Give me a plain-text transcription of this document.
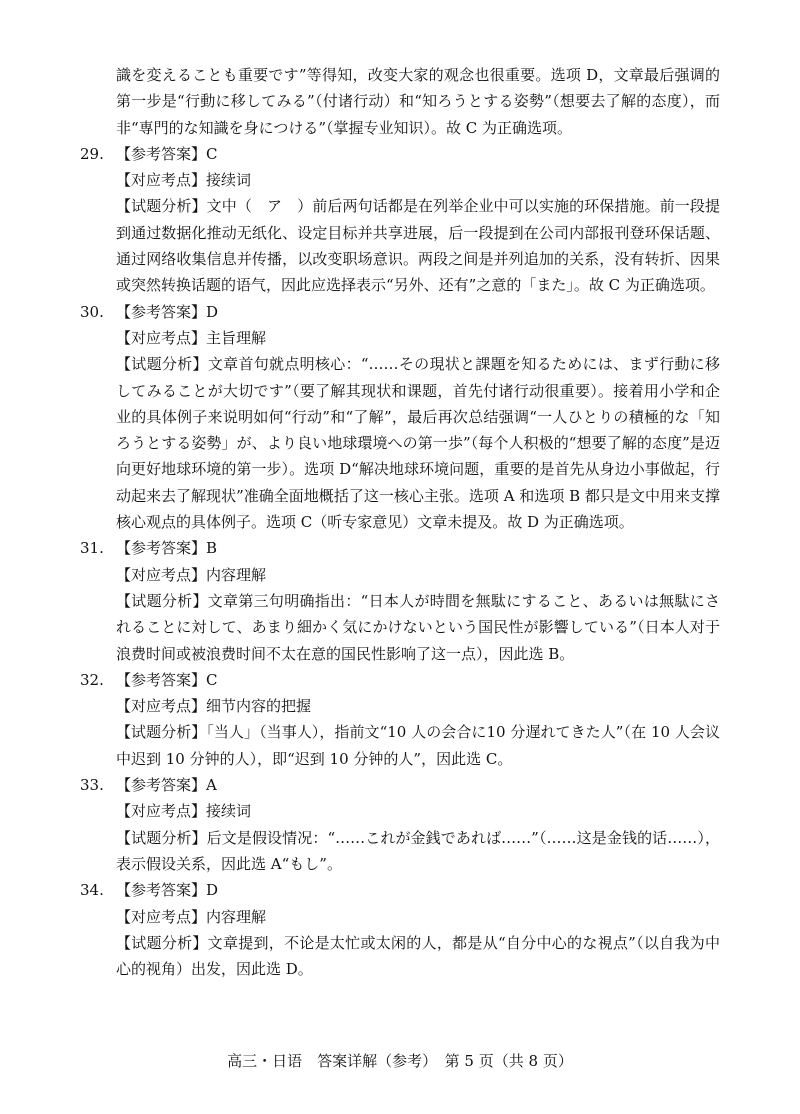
識を変えることも重要です”等得知，改变大家的观念也很重要。选项 D，文章最后强调的第一步是“行動に移してみる”（付诸行动）和“知ろうとする姿勢”（想要去了解的态度），而非“専門的な知識を身につける”（掌握专业知识）。故 C 为正确选项。

29. 【参考答案】C

【对应考点】接续词

【试题分析】文中（　ア　）前后两句话都是在列举企业中可以实施的环保措施。前一段提到通过数据化推动无纸化、设定目标并共享进展，后一段提到在公司内部报刊登环保话题、通过网络收集信息并传播，以改变职场意识。两段之间是并列追加的关系，没有转折、因果或突然转换话题的语气，因此应选择表示“另外、还有”之意的「また」。故 C 为正确选项。

30. 【参考答案】D

【对应考点】主旨理解

【试题分析】文章首句就点明核心：“……その現状と課題を知るためには、まず行動に移してみることが大切です”（要了解其现状和课题，首先付诸行动很重要）。接着用小学和企业的具体例子来说明如何“行动”和“了解”，最后再次总结强调“一人ひとりの積極的な「知ろうとする姿勢」が、より良い地球環境への第一歩”（每个人积极的“想要了解的态度”是迈向更好地球环境的第一步）。选项 D“解决地球环境问题，重要的是首先从身边小事做起，行动起来去了解现状”准确全面地概括了这一核心主张。选项 A 和选项 B 都只是文中用来支撑核心观点的具体例子。选项 C（听专家意见）文章未提及。故 D 为正确选项。

31. 【参考答案】B

【对应考点】内容理解

【试题分析】文章第三句明确指出：“日本人が時間を無駄にすること、あるいは無駄にされることに対して、あまり細かく気にかけないという国民性が影響している”（日本人对于浪费时间或被浪费时间不太在意的国民性影响了这一点），因此选 B。

32. 【参考答案】C

【对应考点】细节内容的把握

【试题分析】「当人」（当事人），指前文“10 人の会合に10 分遅れてきた人”（在 10 人会议中迟到 10 分钟的人），即“迟到 10 分钟的人”，因此选 C。

33. 【参考答案】A

【对应考点】接续词

【试题分析】后文是假设情况：“……これが金銭であれば……”（……这是金钱的话……），表示假设关系，因此选 A“もし”。

34. 【参考答案】D

【对应考点】内容理解

【试题分析】文章提到，不论是太忙或太闲的人，都是从“自分中心的な視点”（以自我为中心的视角）出发，因此选 D。

高三・日语　答案详解（参考）　第 5 页（共 8 页）
